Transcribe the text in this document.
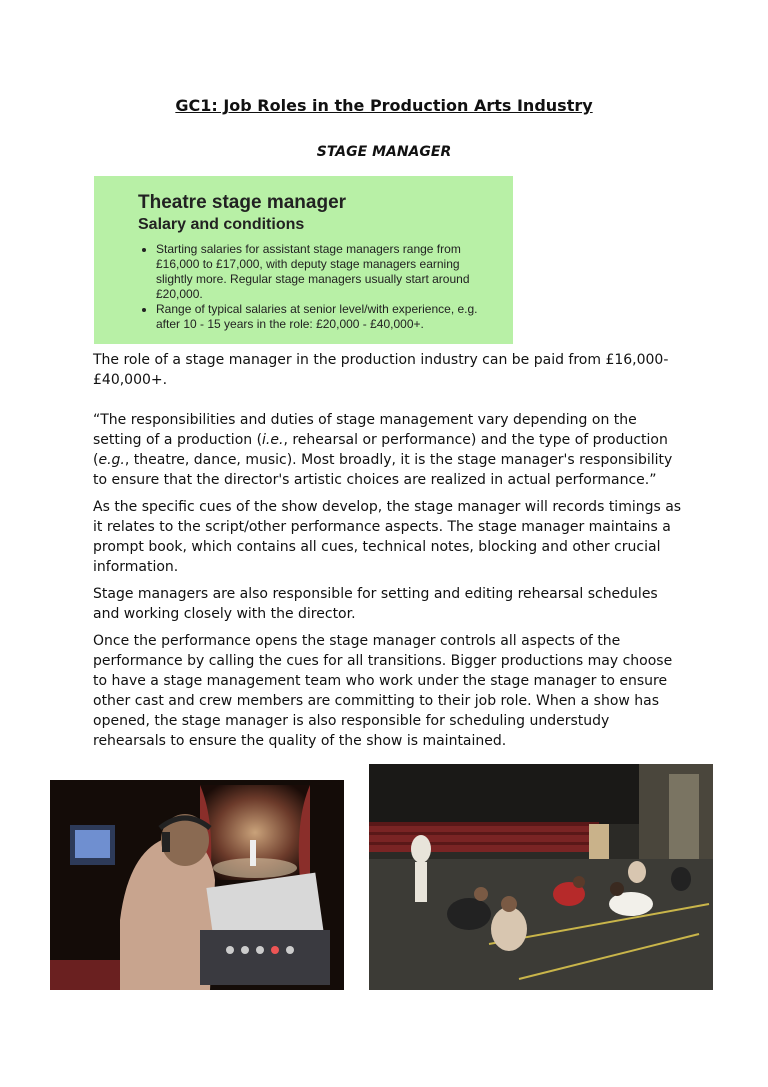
GC1: Job Roles in the Production Arts Industry
STAGE MANAGER
Theatre stage manager
Salary and conditions
• Starting salaries for assistant stage managers range from £16,000 to £17,000, with deputy stage managers earning slightly more. Regular stage managers usually start around £20,000.
• Range of typical salaries at senior level/with experience, e.g. after 10 - 15 years in the role: £20,000 - £40,000+.

The role of a stage manager in the production industry can be paid from £16,000-£40,000+.

“The responsibilities and duties of stage management vary depending on the setting of a production (i.e., rehearsal or performance) and the type of production (e.g., theatre, dance, music). Most broadly, it is the stage manager's responsibility to ensure that the director's artistic choices are realized in actual performance.”

As the specific cues of the show develop, the stage manager will records timings as it relates to the script/other performance aspects. The stage manager maintains a prompt book, which contains all cues, technical notes, blocking and other crucial information.

Stage managers are also responsible for setting and editing rehearsal schedules and working closely with the director.

Once the performance opens the stage manager controls all aspects of the performance by calling the cues for all transitions. Bigger productions may choose to have a stage management team who work under the stage manager to ensure other cast and crew members are committing to their job role. When a show has opened, the stage manager is also responsible for scheduling understudy rehearsals to ensure the quality of the show is maintained.
